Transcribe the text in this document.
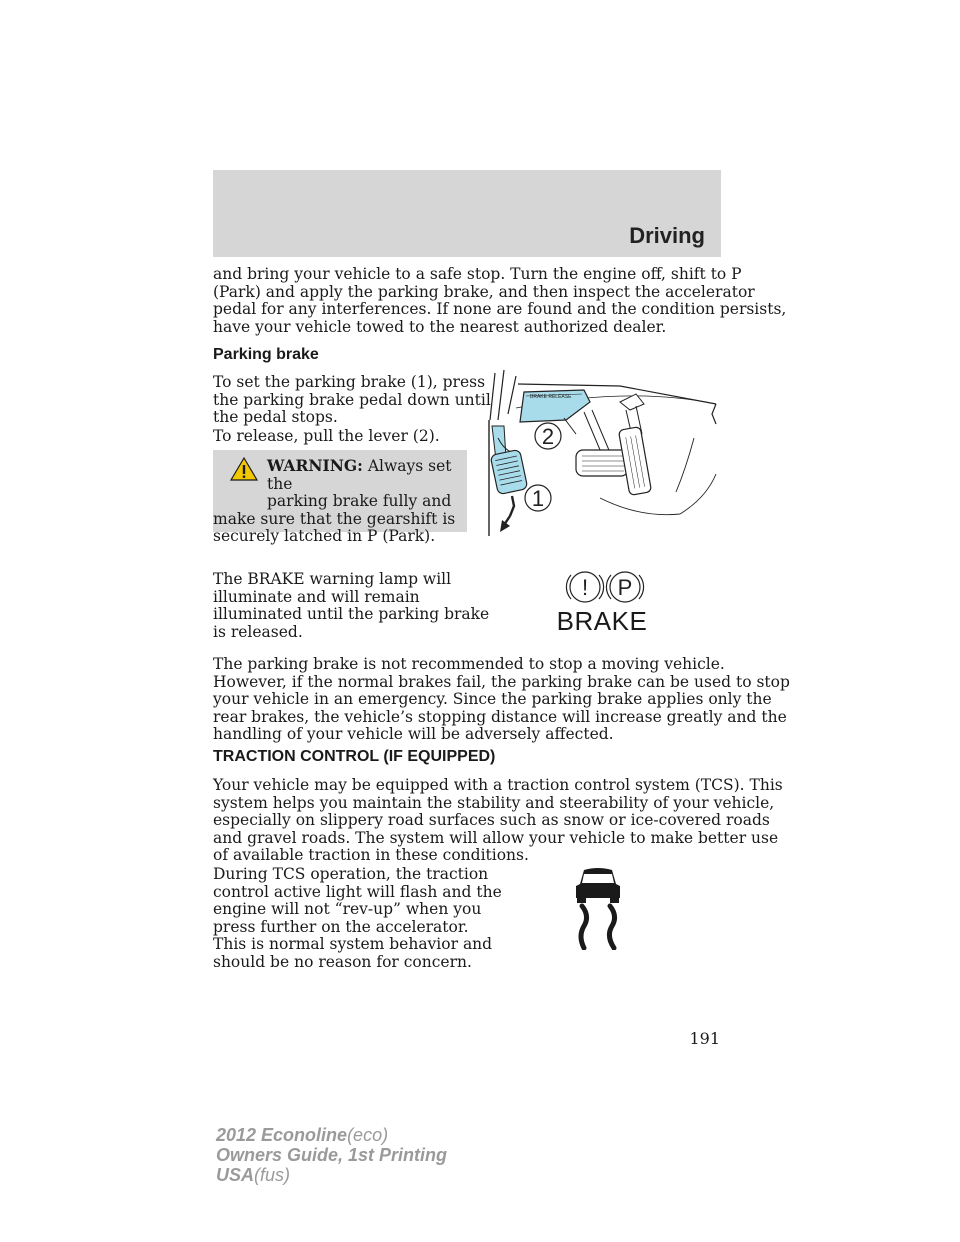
Driving
and bring your vehicle to a safe stop. Turn the engine off, shift to P
(Park) and apply the parking brake, and then inspect the accelerator
pedal for any interferences. If none are found and the condition persists,
have your vehicle towed to the nearest authorized dealer.
Parking brake
To set the parking brake (1), press
the parking brake pedal down until
the pedal stops.
To release, pull the lever (2).
WARNING: Always set the
parking brake fully and
make sure that the gearshift is
securely latched in P (Park).
BRAKE RELEASE
2
1
The BRAKE warning lamp will
illuminate and will remain
illuminated until the parking brake
is released.
! P
BRAKE
The parking brake is not recommended to stop a moving vehicle.
However, if the normal brakes fail, the parking brake can be used to stop
your vehicle in an emergency. Since the parking brake applies only the
rear brakes, the vehicle’s stopping distance will increase greatly and the
handling of your vehicle will be adversely affected.
TRACTION CONTROL (IF EQUIPPED)
Your vehicle may be equipped with a traction control system (TCS). This
system helps you maintain the stability and steerability of your vehicle,
especially on slippery road surfaces such as snow or ice-covered roads
and gravel roads. The system will allow your vehicle to make better use
of available traction in these conditions.
During TCS operation, the traction
control active light will flash and the
engine will not “rev-up” when you
press further on the accelerator.
This is normal system behavior and
should be no reason for concern.
191
2012 Econoline(eco)
Owners Guide, 1st Printing
USA(fus)
